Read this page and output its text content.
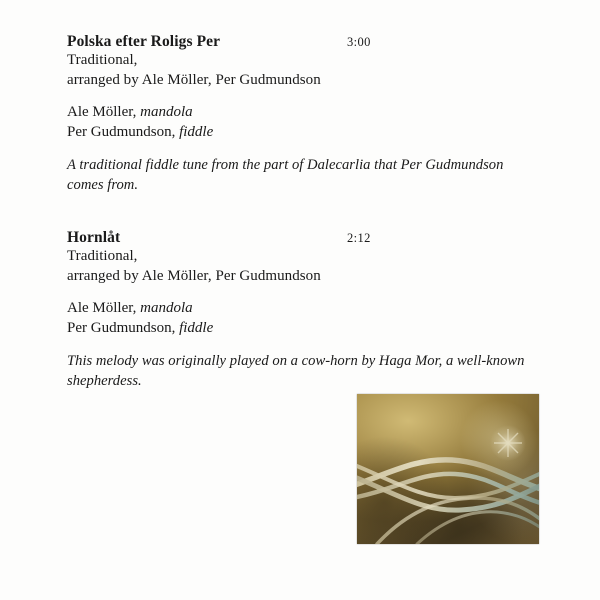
Polska efter Roligs Per	3:00
Traditional,
arranged by Ale Möller, Per Gudmundson
Ale Möller, mandola
Per Gudmundson, fiddle
A traditional fiddle tune from the part of Dalecarlia that Per Gudmundson comes from.
Hornlåt	2:12
Traditional,
arranged by Ale Möller, Per Gudmundson
Ale Möller, mandola
Per Gudmundson, fiddle
This melody was originally played on a cow-horn by Haga Mor, a well-known shepherdess.
